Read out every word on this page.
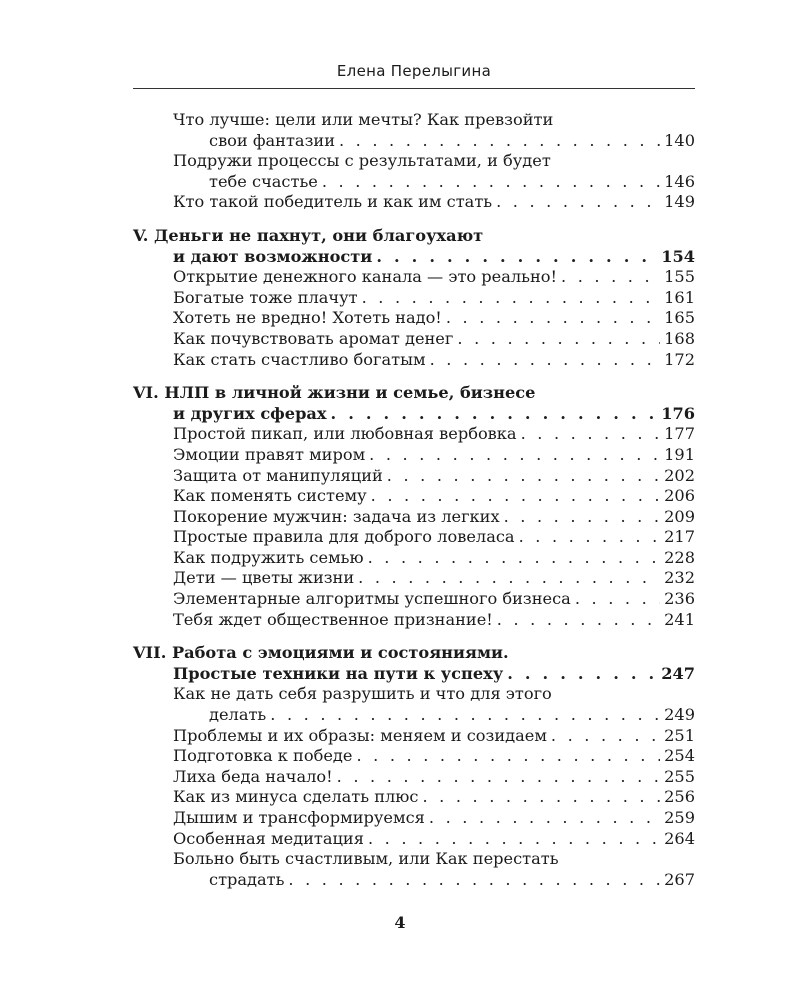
Елена Перелыгина
Что лучше: цели или мечты? Как превзойти
свои фантазии . . .	140
Подружи процессы с результатами, и будет
тебе счастье . . .	146
Кто такой победитель и как им стать . . .	149
V. Деньги не пахнут, они благоухают
и дают возможности . . .	154
Открытие денежного канала — это реально! . . .	155
Богатые тоже плачут . . .	161
Хотеть не вредно! Хотеть надо! . . .	165
Как почувствовать аромат денег . . .	168
Как стать счастливо богатым . . .	172
VI. НЛП в личной жизни и семье, бизнесе
и других сферах . . .	176
Простой пикап, или любовная вербовка . . .	177
Эмоции правят миром . . .	191
Защита от манипуляций . . .	202
Как поменять систему . . .	206
Покорение мужчин: задача из легких . . .	209
Простые правила для доброго ловеласа . . .	217
Как подружить семью . . .	228
Дети — цветы жизни . . .	232
Элементарные алгоритмы успешного бизнеса . . .	236
Тебя ждет общественное признание! . . .	241
VII. Работа с эмоциями и состояниями.
Простые техники на пути к успеху . . .	247
Как не дать себя разрушить и что для этого
делать . . .	249
Проблемы и их образы: меняем и созидаем . . .	251
Подготовка к победе . . .	254
Лиха беда начало! . . .	255
Как из минуса сделать плюс . . .	256
Дышим и трансформируемся . . .	259
Особенная медитация . . .	264
Больно быть счастливым, или Как перестать
страдать . . .	267
4
